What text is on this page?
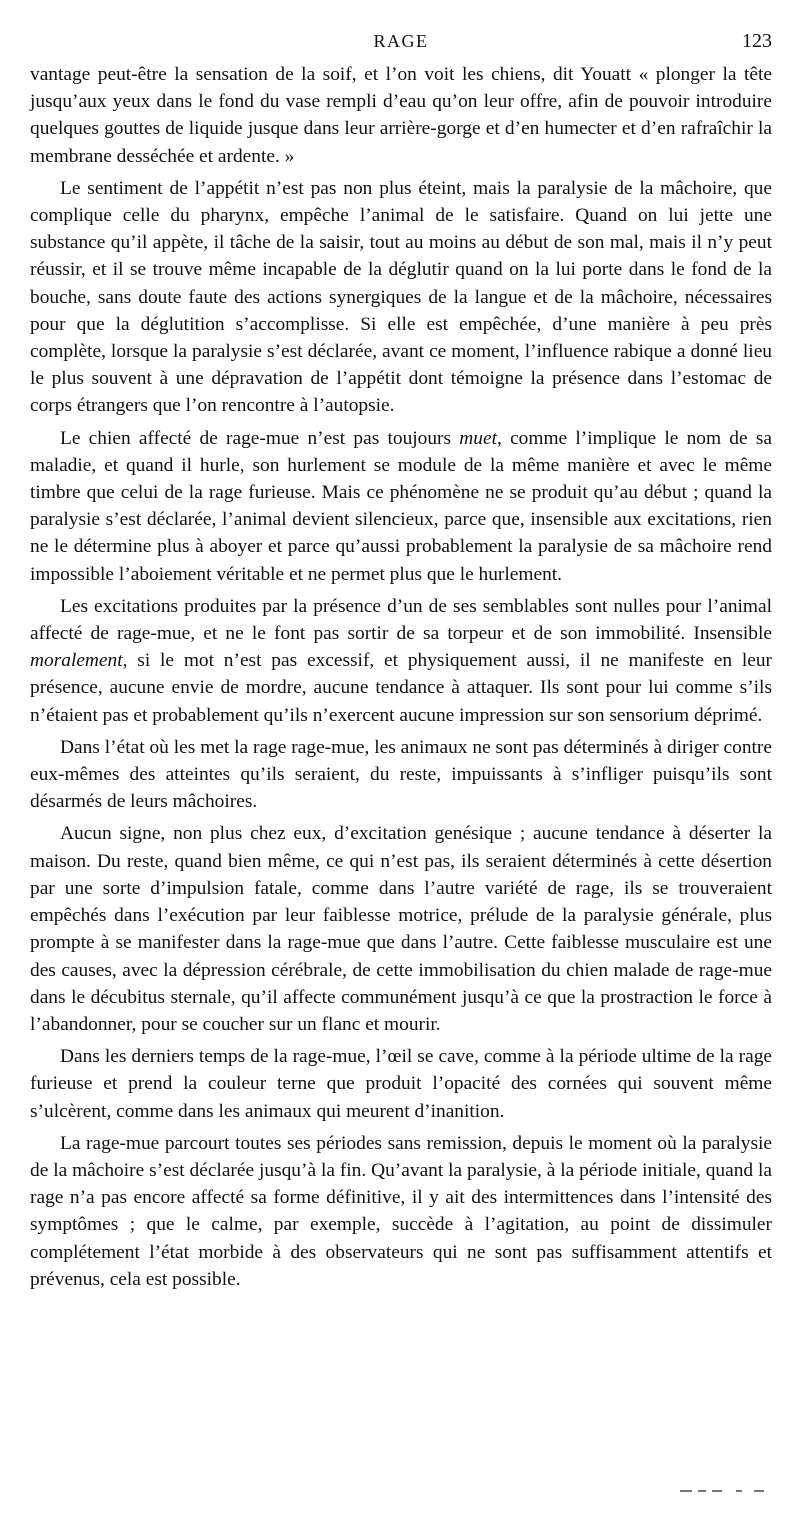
RAGE	123

vantage peut-être la sensation de la soif, et l’on voit les chiens, dit Youatt « plonger la tête jusqu’aux yeux dans le fond du vase rempli d’eau qu’on leur offre, afin de pouvoir introduire quelques gouttes de liquide jusque dans leur arrière-gorge et d’en humecter et d’en rafraîchir la membrane desséchée et ardente. »

Le sentiment de l’appétit n’est pas non plus éteint, mais la paralysie de la mâchoire, que complique celle du pharynx, empêche l’animal de le satisfaire. Quand on lui jette une substance qu’il appète, il tâche de la saisir, tout au moins au début de son mal, mais il n’y peut réussir, et il se trouve même incapable de la déglutir quand on la lui porte dans le fond de la bouche, sans doute faute des actions synergiques de la langue et de la mâchoire, nécessaires pour que la déglutition s’accomplisse. Si elle est empêchée, d’une manière à peu près complète, lorsque la paralysie s’est déclarée, avant ce moment, l’influence rabique a donné lieu le plus souvent à une dépravation de l’appétit dont témoigne la présence dans l’estomac de corps étrangers que l’on rencontre à l’autopsie.

Le chien affecté de rage-mue n’est pas toujours muet, comme l’implique le nom de sa maladie, et quand il hurle, son hurlement se module de la même manière et avec le même timbre que celui de la rage furieuse. Mais ce phénomène ne se produit qu’au début ; quand la paralysie s’est déclarée, l’animal devient silencieux, parce que, insensible aux excitations, rien ne le détermine plus à aboyer et parce qu’aussi probablement la paralysie de sa mâchoire rend impossible l’aboiement véritable et ne permet plus que le hurlement.

Les excitations produites par la présence d’un de ses semblables sont nulles pour l’animal affecté de rage-mue, et ne le font pas sortir de sa torpeur et de son immobilité. Insensible moralement, si le mot n’est pas excessif, et physiquement aussi, il ne manifeste en leur présence, aucune envie de mordre, aucune tendance à attaquer. Ils sont pour lui comme s’ils n’étaient pas et probablement qu’ils n’exercent aucune impression sur son sensorium déprimé.

Dans l’état où les met la rage rage-mue, les animaux ne sont pas déterminés à diriger contre eux-mêmes des atteintes qu’ils seraient, du reste, impuissants à s’infliger puisqu’ils sont désarmés de leurs mâchoires.

Aucun signe, non plus chez eux, d’excitation genésique ; aucune tendance à déserter la maison. Du reste, quand bien même, ce qui n’est pas, ils seraient déterminés à cette désertion par une sorte d’impulsion fatale, comme dans l’autre variété de rage, ils se trouveraient empêchés dans l’exécution par leur faiblesse motrice, prélude de la paralysie générale, plus prompte à se manifester dans la rage-mue que dans l’autre. Cette faiblesse musculaire est une des causes, avec la dépression cérébrale, de cette immobilisation du chien malade de rage-mue dans le décubitus sternale, qu’il affecte communément jusqu’à ce que la prostraction le force à l’abandonner, pour se coucher sur un flanc et mourir.

Dans les derniers temps de la rage-mue, l’œil se cave, comme à la période ultime de la rage furieuse et prend la couleur terne que produit l’opacité des cornées qui souvent même s’ulcèrent, comme dans les animaux qui meurent d’inanition.

La rage-mue parcourt toutes ses périodes sans remission, depuis le moment où la paralysie de la mâchoire s’est déclarée jusqu’à la fin. Qu’avant la paralysie, à la période initiale, quand la rage n’a pas encore affecté sa forme définitive, il y ait des intermittences dans l’intensité des symptômes ; que le calme, par exemple, succède à l’agitation, au point de dissimuler complétement l’état morbide à des observateurs qui ne sont pas suffisamment attentifs et prévenus, cela est possible.
